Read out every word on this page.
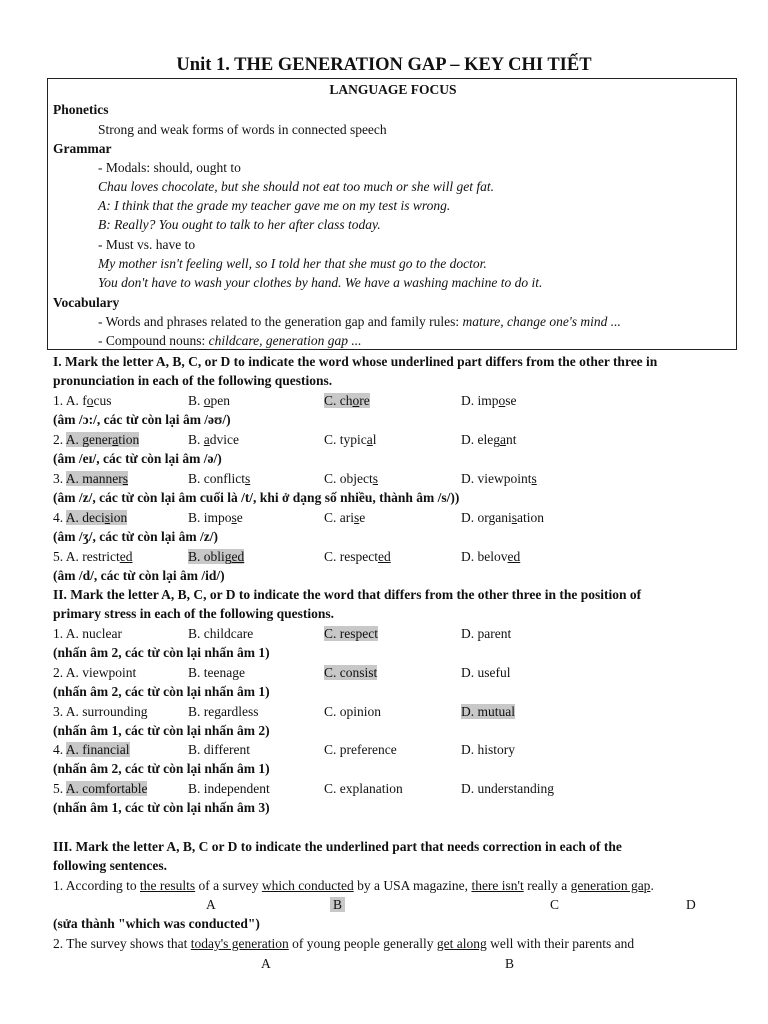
Unit 1. THE GENERATION GAP – KEY CHI TIẾT
LANGUAGE FOCUS
Phonetics
Strong and weak forms of words in connected speech
Grammar
- Modals: should, ought to
Chau loves chocolate, but she should not eat too much or she will get fat.
A: I think that the grade my teacher gave me on my test is wrong.
B: Really? You ought to talk to her after class today.
- Must vs. have to
My mother isn't feeling well, so I told her that she must go to the doctor.
You don't have to wash your clothes by hand. We have a washing machine to do it.
Vocabulary
- Words and phrases related to the generation gap and family rules: mature, change one's mind ...
- Compound nouns: childcare, generation gap ...
I. Mark the letter A, B, C, or D to indicate the word whose underlined part differs from the other three in
pronunciation in each of the following questions.
1. A. focus	B. open	C. chore	D. impose
(âm /ɔ:/, các từ còn lại âm /əʊ/)
2. A. generation	B. advice	C. typical	D. elegant
(âm /eɪ/, các từ còn lại âm /ə/)
3. A. manners	B. conflicts	C. objects	D. viewpoints
(âm /z/, các từ còn lại âm cuối là /t/, khi ở dạng số nhiều, thành âm /s/))
4. A. decision	B. impose	C. arise	D. organisation
(âm /ʒ/, các từ còn lại âm /z/)
5. A. restricted	B. obliged	C. respected	D. beloved
(âm /d/, các từ còn lại âm /id/)
II. Mark the letter A, B, C, or D to indicate the word that differs from the other three in the position of
primary stress in each of the following questions.
1. A. nuclear	B. childcare	C. respect	D. parent
(nhấn âm 2, các từ còn lại nhấn âm 1)
2. A. viewpoint	B. teenage	C. consist	D. useful
(nhấn âm 2, các từ còn lại nhấn âm 1)
3. A. surrounding	B. regardless	C. opinion	D. mutual
(nhấn âm 1, các từ còn lại nhấn âm 2)
4. A. financial	B. different	C. preference	D. history
(nhấn âm 2, các từ còn lại nhấn âm 1)
5. A. comfortable	B. independent	C. explanation	D. understanding
(nhấn âm 1, các từ còn lại nhấn âm 3)
III. Mark the letter A, B, C or D to indicate the underlined part that needs correction in each of the
following sentences.
1. According to the results of a survey which conducted by a USA magazine, there isn't really a generation gap.
A	B	C	D
(sửa thành "which was conducted")
2. The survey shows that today's generation of young people generally get along well with their parents and
A	B
